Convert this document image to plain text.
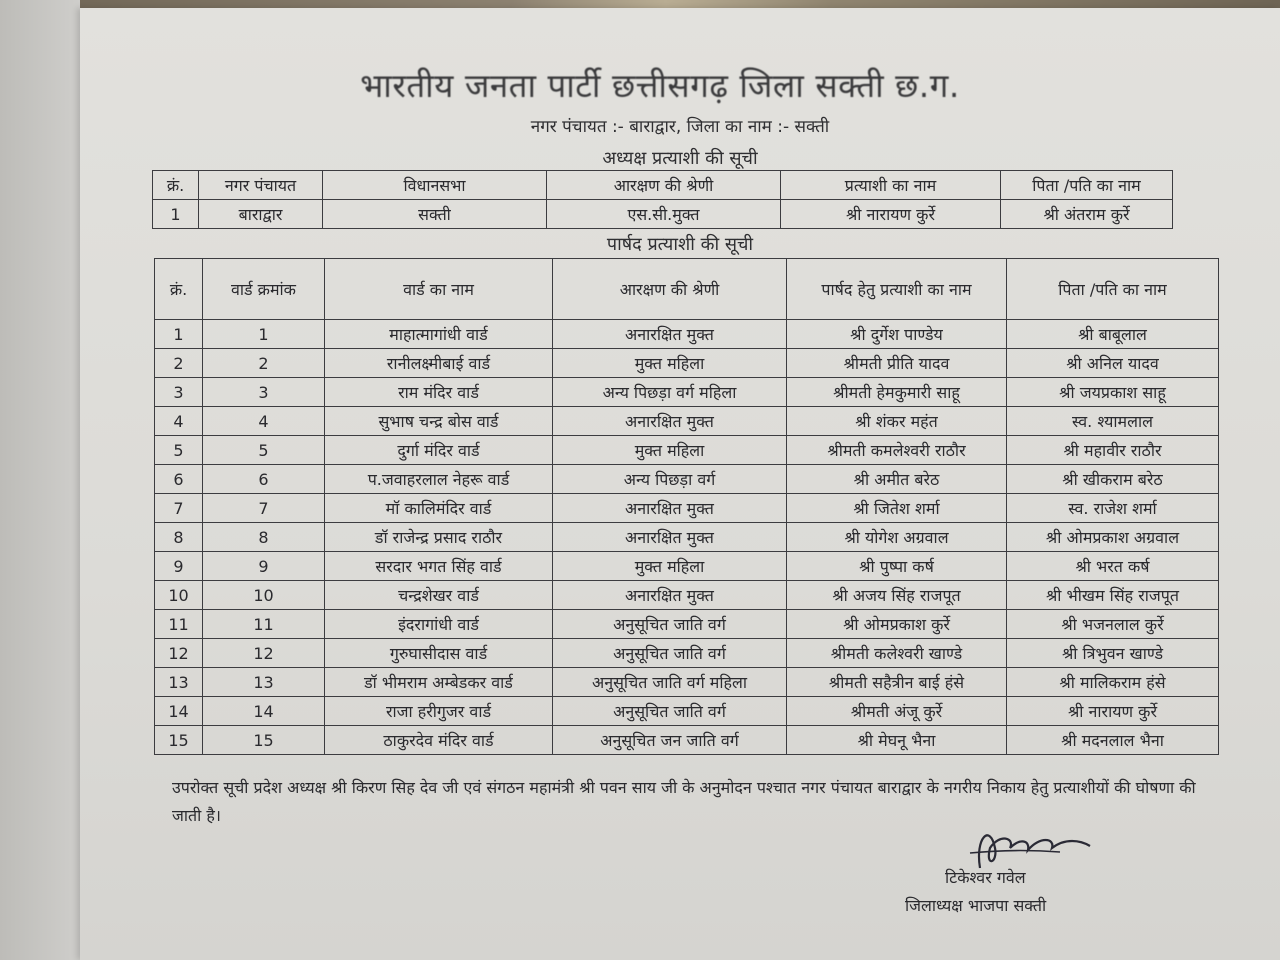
भारतीय जनता पार्टी छत्तीसगढ़ जिला सक्ती छ.ग.
नगर पंचायत :- बाराद्वार, जिला का नाम :- सक्ती
अध्यक्ष प्रत्याशी की सूची
क्रं.	नगर पंचायत	विधानसभा	आरक्षण की श्रेणी	प्रत्याशी का नाम	पिता /पति का नाम
1	बाराद्वार	सक्ती	एस.सी.मुक्त	श्री नारायण कुर्रे	श्री अंतराम कुर्रे
पार्षद प्रत्याशी की सूची
क्रं.	वार्ड क्रमांक	वार्ड का नाम	आरक्षण की श्रेणी	पार्षद हेतु प्रत्याशी का नाम	पिता /पति का नाम
1	1	माहात्मागांधी वार्ड	अनारक्षित मुक्त	श्री दुर्गेश पाण्डेय	श्री बाबूलाल
2	2	रानीलक्ष्मीबाई वार्ड	मुक्त महिला	श्रीमती प्रीति यादव	श्री अनिल यादव
3	3	राम मंदिर वार्ड	अन्य पिछड़ा वर्ग महिला	श्रीमती हेमकुमारी साहू	श्री जयप्रकाश साहू
4	4	सुभाष चन्द्र बोस वार्ड	अनारक्षित मुक्त	श्री शंकर महंत	स्व. श्यामलाल
5	5	दुर्गा मंदिर वार्ड	मुक्त महिला	श्रीमती कमलेश्वरी राठौर	श्री महावीर राठौर
6	6	प.जवाहरलाल नेहरू वार्ड	अन्य पिछड़ा वर्ग	श्री अमीत बरेठ	श्री खीकराम बरेठ
7	7	मॉ कालिमंदिर वार्ड	अनारक्षित मुक्त	श्री जितेश शर्मा	स्व. राजेश शर्मा
8	8	डॉ राजेन्द्र प्रसाद राठौर	अनारक्षित मुक्त	श्री योगेश अग्रवाल	श्री ओमप्रकाश अग्रवाल
9	9	सरदार भगत सिंह वार्ड	मुक्त महिला	श्री पुष्पा कर्ष	श्री भरत कर्ष
10	10	चन्द्रशेखर वार्ड	अनारक्षित मुक्त	श्री अजय सिंह राजपूत	श्री भीखम सिंह राजपूत
11	11	इंदरागांधी वार्ड	अनुसूचित जाति वर्ग	श्री ओमप्रकाश कुर्रे	श्री भजनलाल कुर्रे
12	12	गुरुघासीदास वार्ड	अनुसूचित जाति वर्ग	श्रीमती कलेश्वरी खाण्डे	श्री त्रिभुवन खाण्डे
13	13	डॉ भीमराम अम्बेडकर वार्ड	अनुसूचित जाति वर्ग महिला	श्रीमती सहैत्रीन बाई हंसे	श्री मालिकराम हंसे
14	14	राजा हरीगुजर वार्ड	अनुसूचित जाति वर्ग	श्रीमती अंजू कुर्रे	श्री नारायण कुर्रे
15	15	ठाकुरदेव मंदिर वार्ड	अनुसूचित जन जाति वर्ग	श्री मेघनू भैना	श्री मदनलाल भैना
उपरोक्त सूची प्रदेश अध्यक्ष श्री किरण सिह देव जी एवं संगठन महामंत्री श्री पवन साय जी के अनुमोदन पश्चात नगर पंचायत बाराद्वार के नगरीय निकाय हेतु प्रत्याशीयों की घोषणा की जाती है।
टिकेश्वर गवेल
जिलाध्यक्ष भाजपा सक्ती
